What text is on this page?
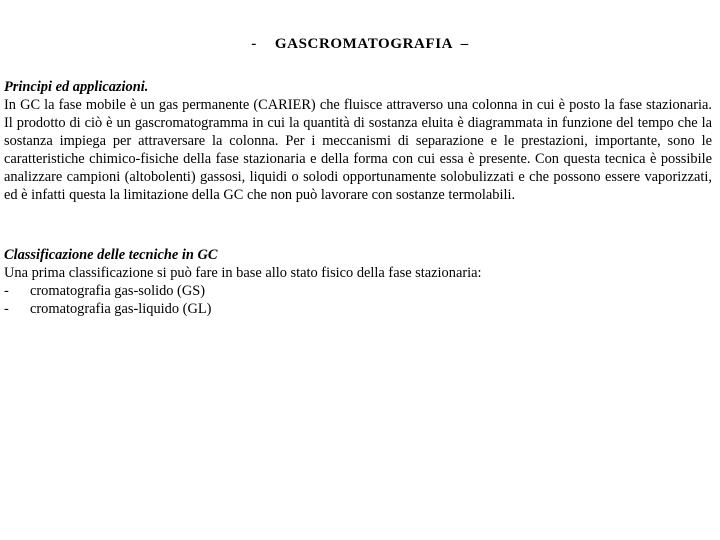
- GASCROMATOGRAFIA –
Principi ed applicazioni.
In GC la fase mobile è un gas permanente (CARIER) che fluisce attraverso una colonna in cui è posto la fase stazionaria. Il prodotto di ciò è un gascromatogramma in cui la quantità di sostanza eluita è diagrammata in funzione del tempo che la sostanza impiega per attraversare la colonna. Per i meccanismi di separazione e le prestazioni, importante, sono le caratteristiche chimico-fisiche della fase stazionaria e della forma con cui essa è presente. Con questa tecnica è possibile analizzare campioni (altobolenti) gassosi, liquidi o solodi opportunamente solobulizzati e che possono essere vaporizzati, ed è infatti questa la limitazione della GC che non può lavorare con sostanze termolabili.
Classificazione delle tecniche in GC
Una prima classificazione si può fare in base allo stato fisico della fase stazionaria:
-	cromatografia gas-solido (GS)
-	cromatografia gas-liquido (GL)
